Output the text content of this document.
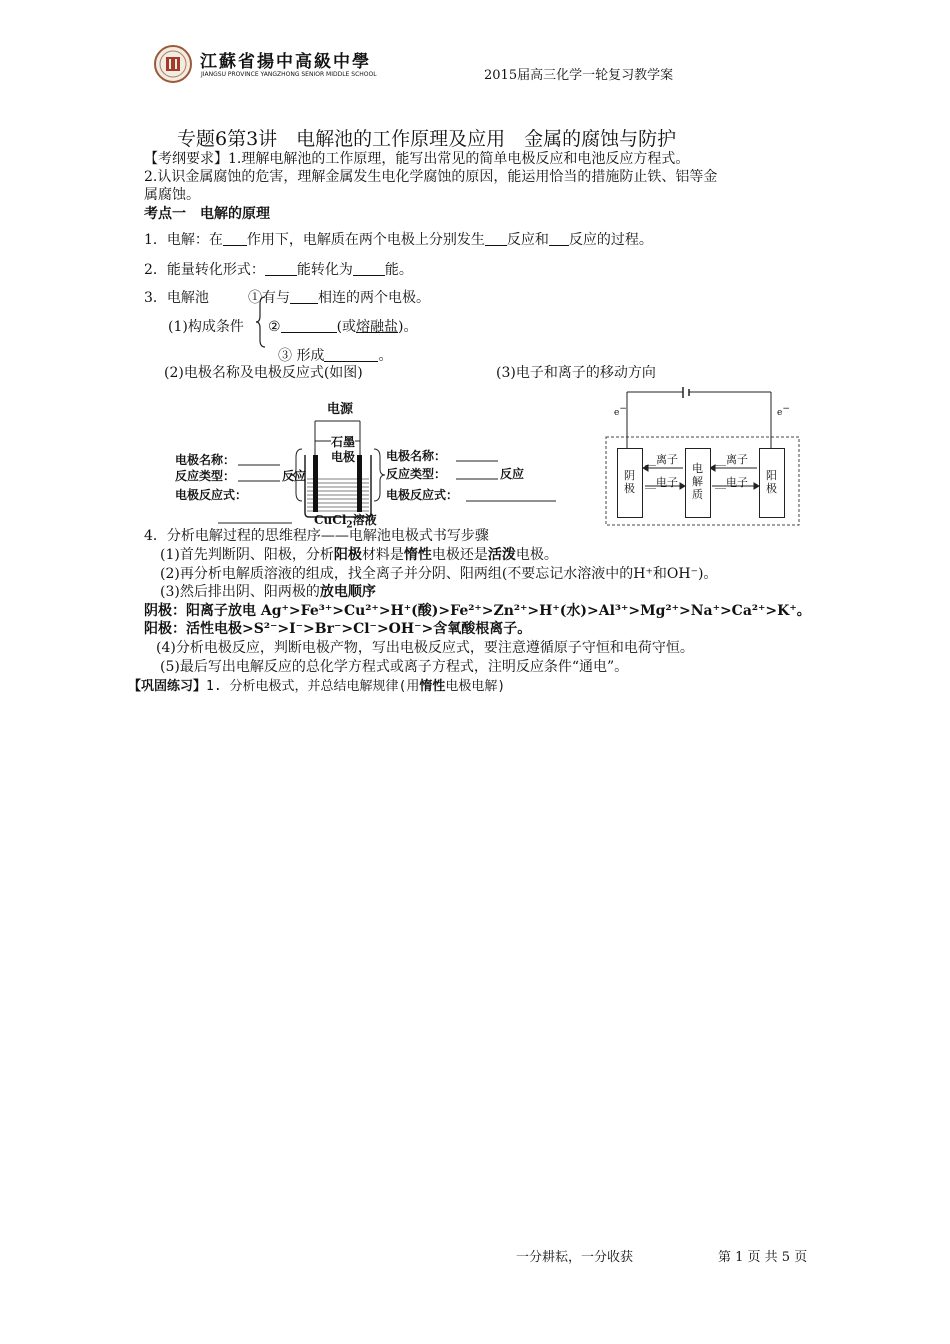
江蘇省揚中高級中學
JIANGSU PROVINCE YANGZHONG SENIOR MIDDLE SCHOOL	2015届高三化学一轮复习教学案
专题6第3讲　电解池的工作原理及应用　金属的腐蚀与防护
【考纲要求】1.理解电解池的工作原理，能写出常见的简单电极反应和电池反应方程式。
2.认识金属腐蚀的危害，理解金属发生电化学腐蚀的原因，能运用恰当的措施防止铁、铝等金
属腐蚀。
考点一　电解的原理
1．电解：在 作用下，电解质在两个电极上分别发生 反应和 反应的过程。
2．能量转化形式： 能转化为 能。
3．电解池	①有与 相连的两个电极。
(1)构成条件 ②	(或熔融盐)。
③ 形成	。
(2)电极名称及电极反应式(如图)	(3)电子和离子的移动方向
电源
石墨
电极
电极名称：
反应类型：	反应
电极反应式：
电极名称：
反应类型：	反应
电极反应式：
CuCl$_2$溶液
e−	e−
阴极
电解质
阳极
__离子
__电子
__离子
__电子
4．分析电解过程的思维程序——电解池电极式书写步骤
(1)首先判断阴、阳极，分析阳极材料是惰性电极还是活泼电极。
(2)再分析电解质溶液的组成，找全离子并分阴、阳两组(不要忘记水溶液中的H⁺和OH⁻)。
(3)然后排出阴、阳两极的放电顺序
阴极：阳离子放电 Ag⁺>Fe³⁺>Cu²⁺>H⁺(酸)>Fe²⁺>Zn²⁺>H⁺(水)>Al³⁺>Mg²⁺>Na⁺>Ca²⁺>K⁺。
阳极：活性电极>S²⁻>I⁻>Br⁻>Cl⁻>OH⁻>含氧酸根离子。
(4)分析电极反应，判断电极产物，写出电极反应式，要注意遵循原子守恒和电荷守恒。
(5)最后写出电解反应的总化学方程式或离子方程式，注明反应条件“通电”。
【巩固练习】1. 分析电极式，并总结电解规律(用惰性电极电解)
一分耕耘，一分收获	第 1 页 共 5 页
